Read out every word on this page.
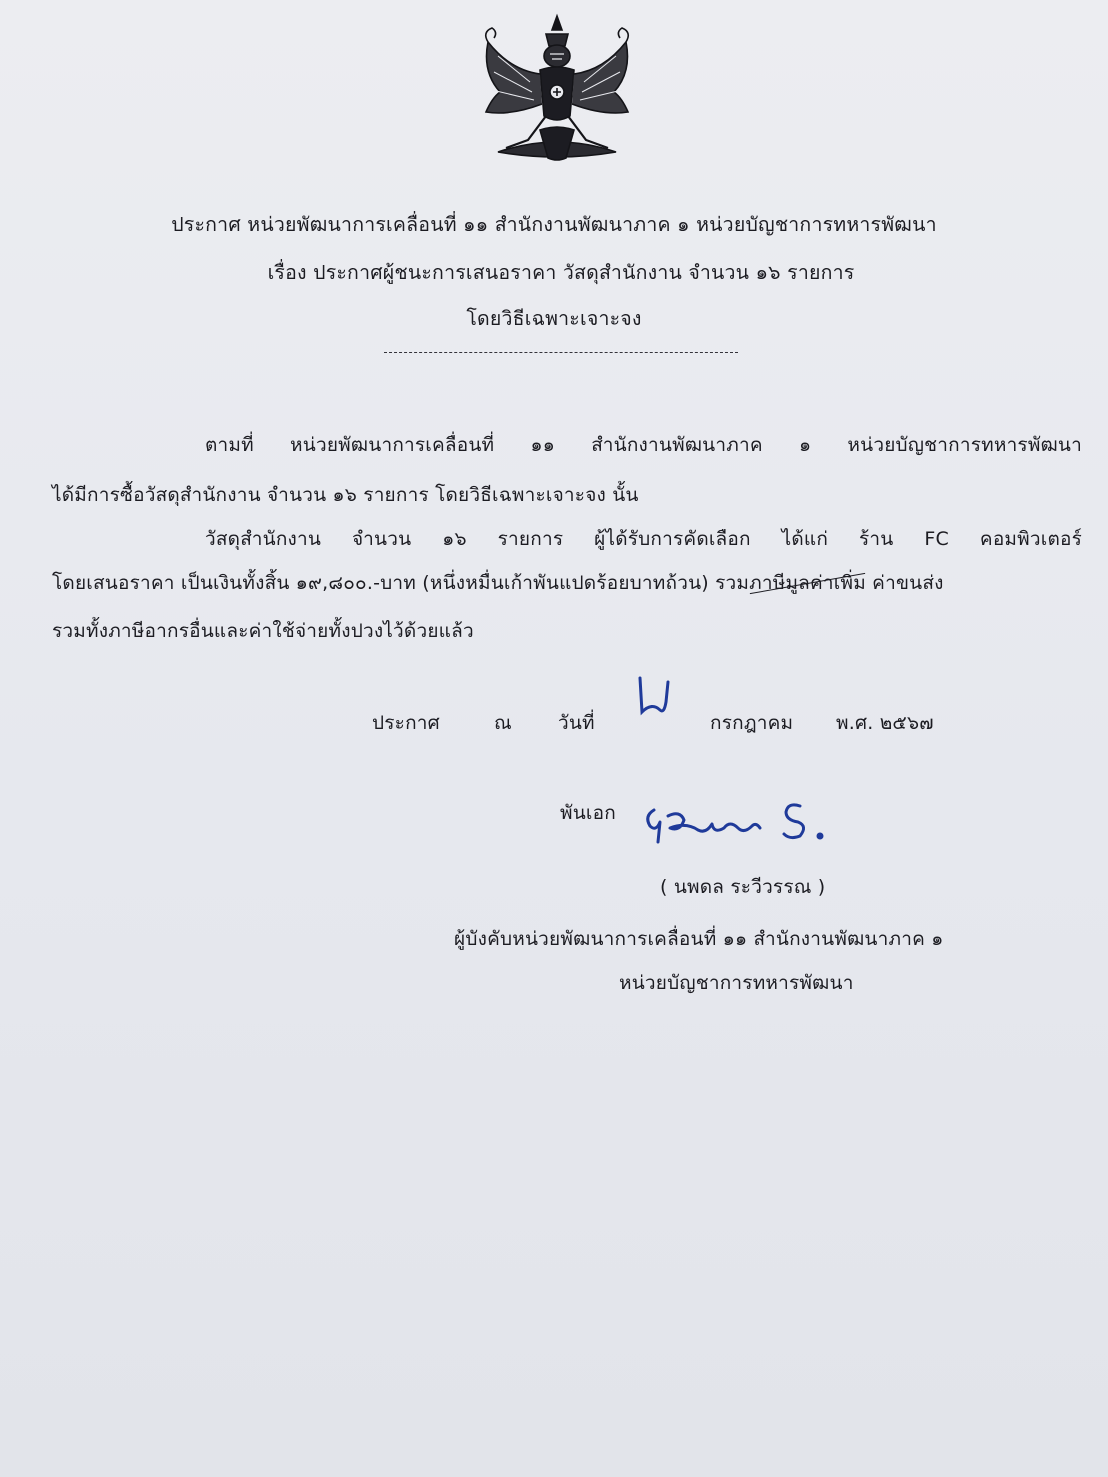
ประกาศ หน่วยพัฒนาการเคลื่อนที่ ๑๑ สำนักงานพัฒนาภาค ๑ หน่วยบัญชาการทหารพัฒนา
เรื่อง ประกาศผู้ชนะการเสนอราคา วัสดุสำนักงาน จำนวน ๑๖ รายการ
โดยวิธีเฉพาะเจาะจง
ตามที่ หน่วยพัฒนาการเคลื่อนที่ ๑๑ สำนักงานพัฒนาภาค ๑ หน่วยบัญชาการทหารพัฒนา
ได้มีการซื้อวัสดุสำนักงาน จำนวน ๑๖ รายการ โดยวิธีเฉพาะเจาะจง นั้น
วัสดุสำนักงาน จำนวน ๑๖ รายการ ผู้ได้รับการคัดเลือก ได้แก่ ร้าน FC คอมพิวเตอร์
โดยเสนอราคา เป็นเงินทั้งสิ้น ๑๙,๘๐๐.-บาท (หนึ่งหมื่นเก้าพันแปดร้อยบาทถ้วน) รวมภาษีมูลค่าเพิ่ม ค่าขนส่ง
รวมทั้งภาษีอากรอื่นและค่าใช้จ่ายทั้งปวงไว้ด้วยแล้ว
ประกาศ	ณ วันที่	กรกฎาคม พ.ศ. ๒๕๖๗
พันเอก
( นพดล ระวีวรรณ )
ผู้บังคับหน่วยพัฒนาการเคลื่อนที่ ๑๑ สำนักงานพัฒนาภาค ๑
หน่วยบัญชาการทหารพัฒนา
